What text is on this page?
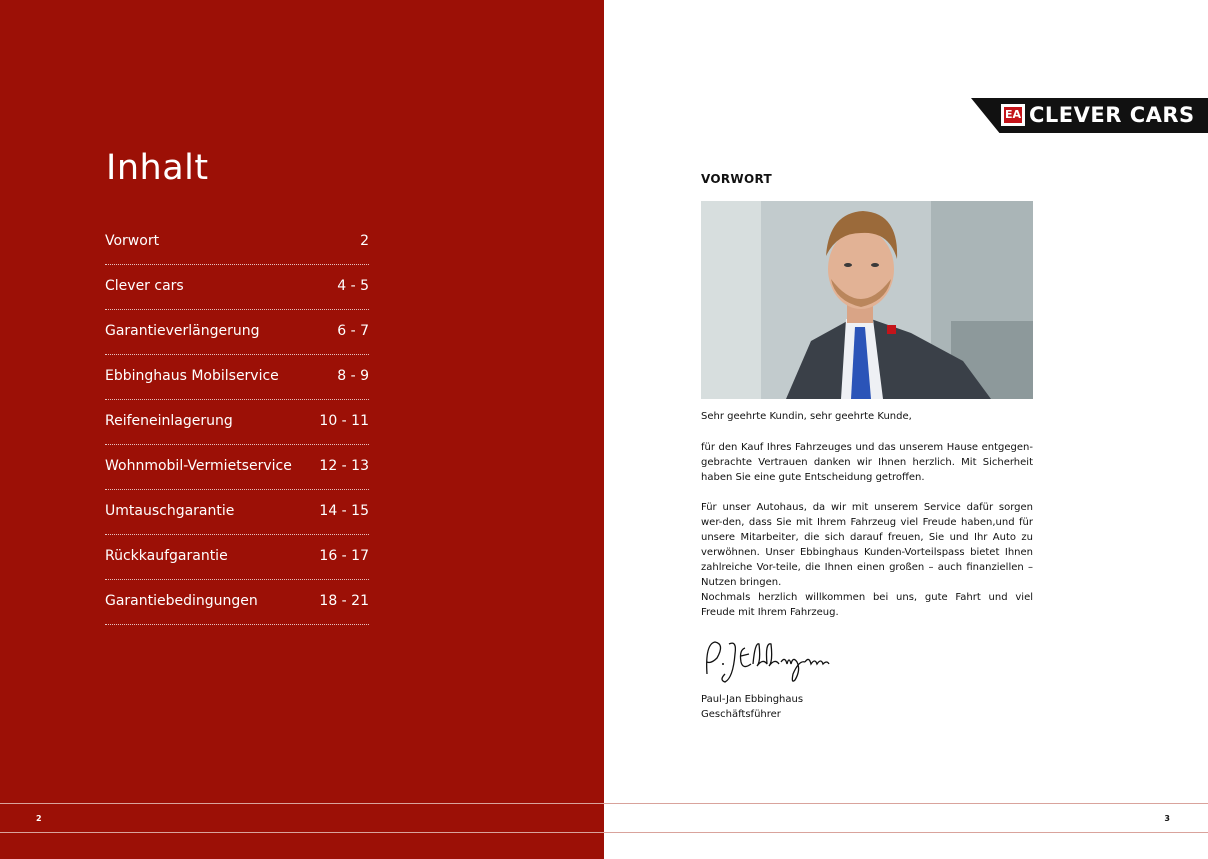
Inhalt
Vorwort	2
Clever cars	4 - 5
Garantieverlängerung	6 - 7
Ebbinghaus Mobilservice	8 - 9
Reifeneinlagerung	10 - 11
Wohnmobil-Vermietservice 12 - 13
Umtauschgarantie	14 - 15
Rückkaufgarantie	16 - 17
Garantiebedingungen	18 - 21
EA CLEVER CARS
VORWORT

Sehr geehrte Kundin, sehr geehrte Kunde,

für den Kauf Ihres Fahrzeuges und das unserem Hause entgegen-gebrachte Vertrauen danken wir Ihnen herzlich. Mit Sicherheit haben Sie eine gute Entscheidung getroffen.

Für unser Autohaus, da wir mit unserem Service dafür sorgen wer-den, dass Sie mit Ihrem Fahrzeug viel Freude haben,und für unsere Mitarbeiter, die sich darauf freuen, Sie und Ihr Auto zu verwöhnen. Unser Ebbinghaus Kunden-Vorteilspass bietet Ihnen zahlreiche Vor-teile, die Ihnen einen großen – auch finanziellen – Nutzen bringen.

Nochmals herzlich willkommen bei uns, gute Fahrt und viel Freude mit Ihrem Fahrzeug.

Paul-Jan Ebbinghaus
Geschäftsführer
2	3
